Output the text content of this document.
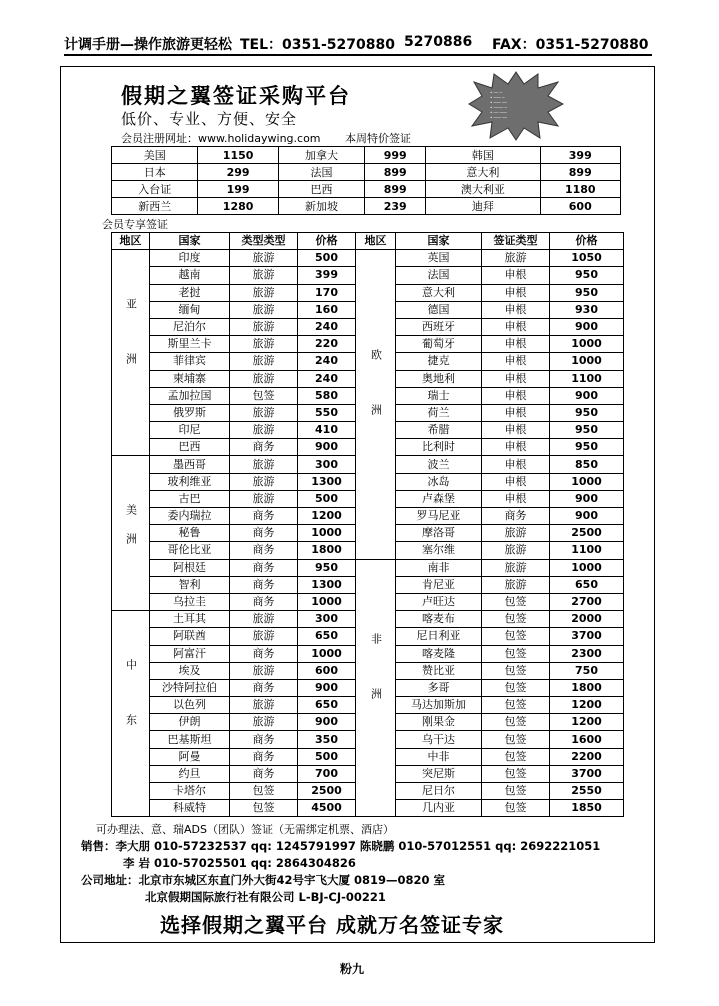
计调手册—操作旅游更轻松 TEL：0351-5270880 5270886 FAX：0351-5270880
假期之翼签证采购平台
低价、专业、方便、安全
会员注册网址：www.holidaywing.com 本周特价签证
• ── ─
• ─── ─
• ─── ──
• ──── ─
• ── ───
• ─── ──
美国	1150	加拿大	999	韩国	399
日本	299	法国	899	意大利	899
入台证	199	巴西	899	澳大利亚	1180
新西兰	1280	新加坡	239	迪拜	600
会员专享签证
地区	国家	类型类型	价格	地区	国家	签证类型	价格

亚洲	印度	旅游	500	欧洲	英国	旅游	1050
	越南	旅游	399		法国	申根	950
	老挝	旅游	170		意大利	申根	950
	缅甸	旅游	160		德国	申根	930
	尼泊尔	旅游	240		西班牙	申根	900
	斯里兰卡	旅游	220		葡萄牙	申根	1000
	菲律宾	旅游	240		捷克	申根	1000
	柬埔寨	旅游	240		奥地利	申根	1100
	孟加拉国	包签	580		瑞士	申根	900
	俄罗斯	旅游	550		荷兰	申根	950
	印尼	旅游	410		希腊	申根	950
	巴西	商务	900		比利时	申根	950

美洲	墨西哥	旅游	300		波兰	申根	850
	玻利维亚	旅游	1300		冰岛	申根	1000
	古巴	旅游	500		卢森堡	申根	900
	委内瑞拉	商务	1200		罗马尼亚	商务	900
	秘鲁	商务	1000		摩洛哥	旅游	2500
	哥伦比亚	商务	1800		塞尔维	旅游	1100
	阿根廷	商务	950	非洲	南非	旅游	1000
	智利	商务	1300		肯尼亚	旅游	650
	乌拉圭	商务	1000		卢旺达	包签	2700

中东	土耳其	旅游	300		喀麦布	包签	2000
	阿联酋	旅游	650		尼日利亚	包签	3700
	阿富汗	商务	1000		喀麦隆	包签	2300
	埃及	旅游	600		赞比亚	包签	750
	沙特阿拉伯	商务	900		多哥	包签	1800
	以色列	旅游	650		马达加斯加	包签	1200
	伊朗	旅游	900		刚果金	包签	1200
	巴基斯坦	商务	350		乌干达	包签	1600
	阿曼	商务	500		中非	包签	2200
	约旦	商务	700		突尼斯	包签	3700
	卡塔尔	包签	2500		尼日尔	包签	2550
	科威特	包签	4500		几内亚	包签	1850
可办理法、意、瑞ADS（团队）签证（无需绑定机票、酒店）
销售：李大朋 010-57232537 qq: 1245791997 陈晓鹏 010-57012551 qq: 2692221051
李 岩 010-57025501 qq: 2864304826
公司地址：北京市东城区东直门外大街42号宇飞大厦 0819—0820 室
北京假期国际旅行社有限公司 L-BJ-CJ-00221
选择假期之翼平台 成就万名签证专家
粉九
